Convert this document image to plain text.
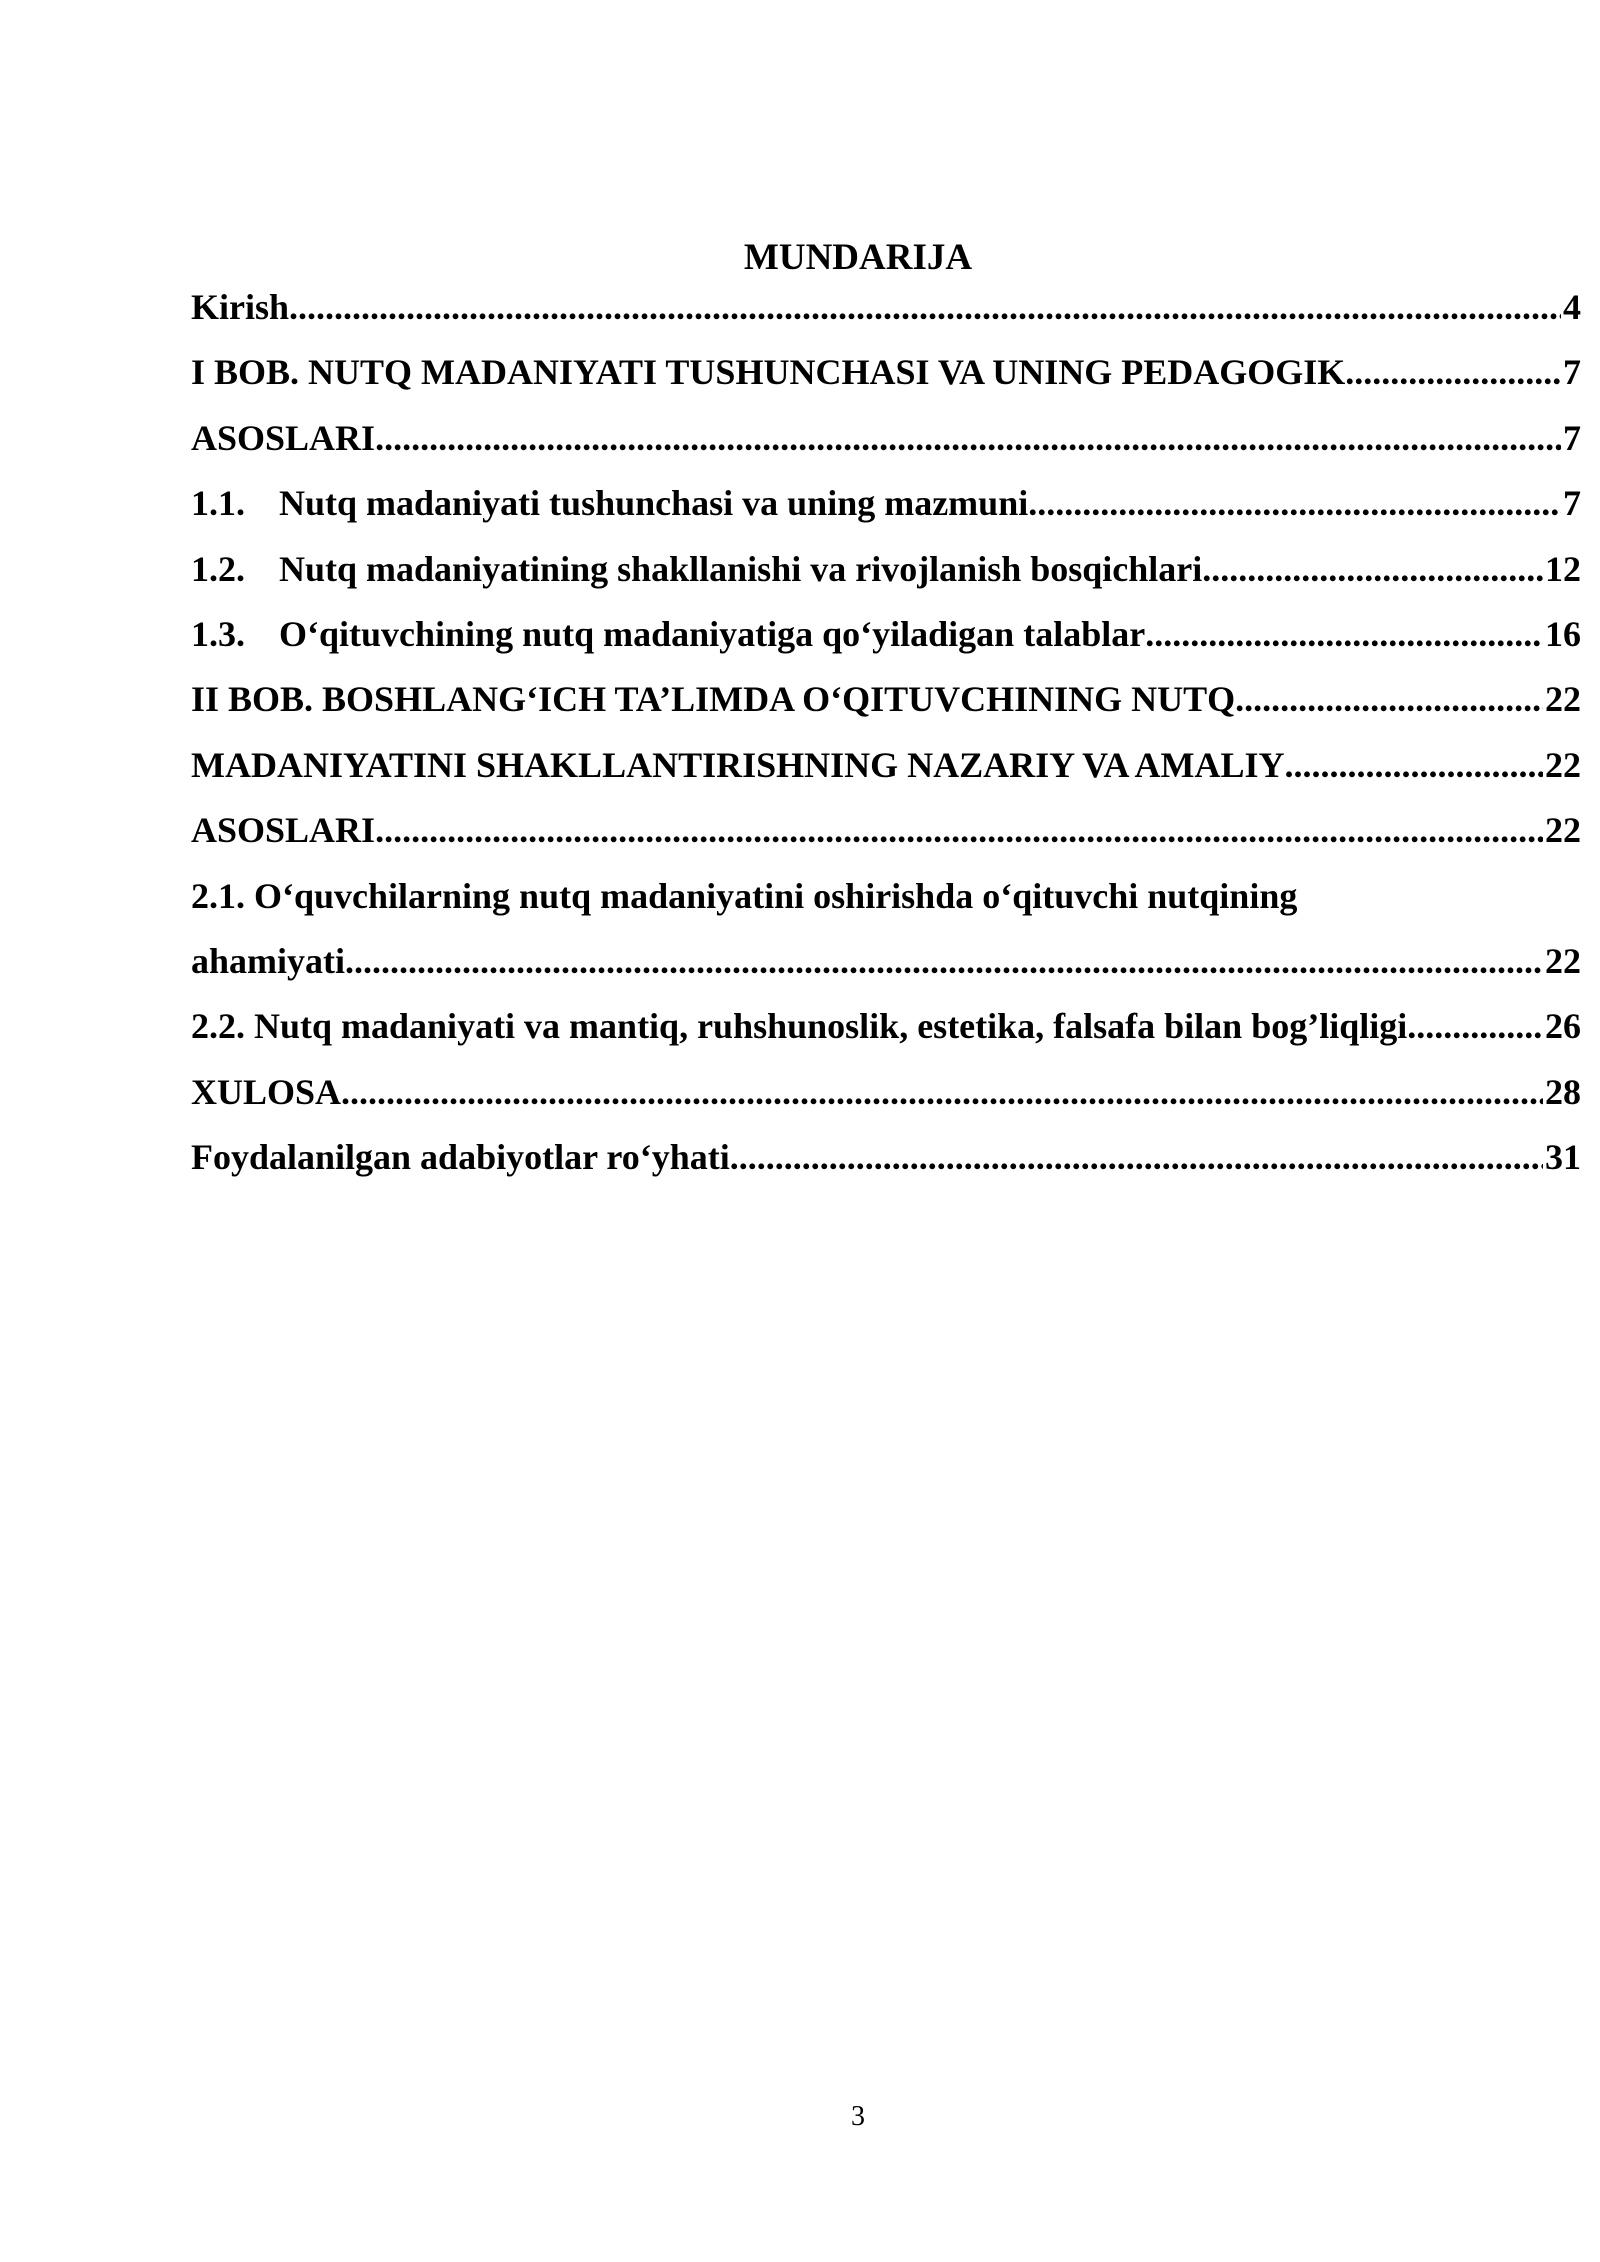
MUNDARIJA
Kirish .....	4
I BOB. NUTQ MADANIYATI TUSHUNCHASI VA UNING PEDAGOGIK .....	7
ASOSLARI .....	7
1.1. Nutq madaniyati tushunchasi va uning mazmuni .....	7
1.2. Nutq madaniyatining shakllanishi va rivojlanish bosqichlari .....	12
1.3. O‘qituvchining nutq madaniyatiga qo‘yiladigan talablar .....	16
II BOB. BOSHLANG‘ICH TA’LIMDA O‘QITUVCHINING NUTQ .....	22
MADANIYATINI SHAKLLANTIRISHNING NAZARIY VA AMALIY .....	22
ASOSLARI .....	22
2.1. O‘quvchilarning nutq madaniyatini oshirishda o‘qituvchi nutqining
ahamiyati .....	22
2.2. Nutq madaniyati va mantiq, ruhshunoslik, estetika, falsafa bilan bog’liqligi .....	26
XULOSA .....	28
Foydalanilgan adabiyotlar ro‘yhati .....	31
3
